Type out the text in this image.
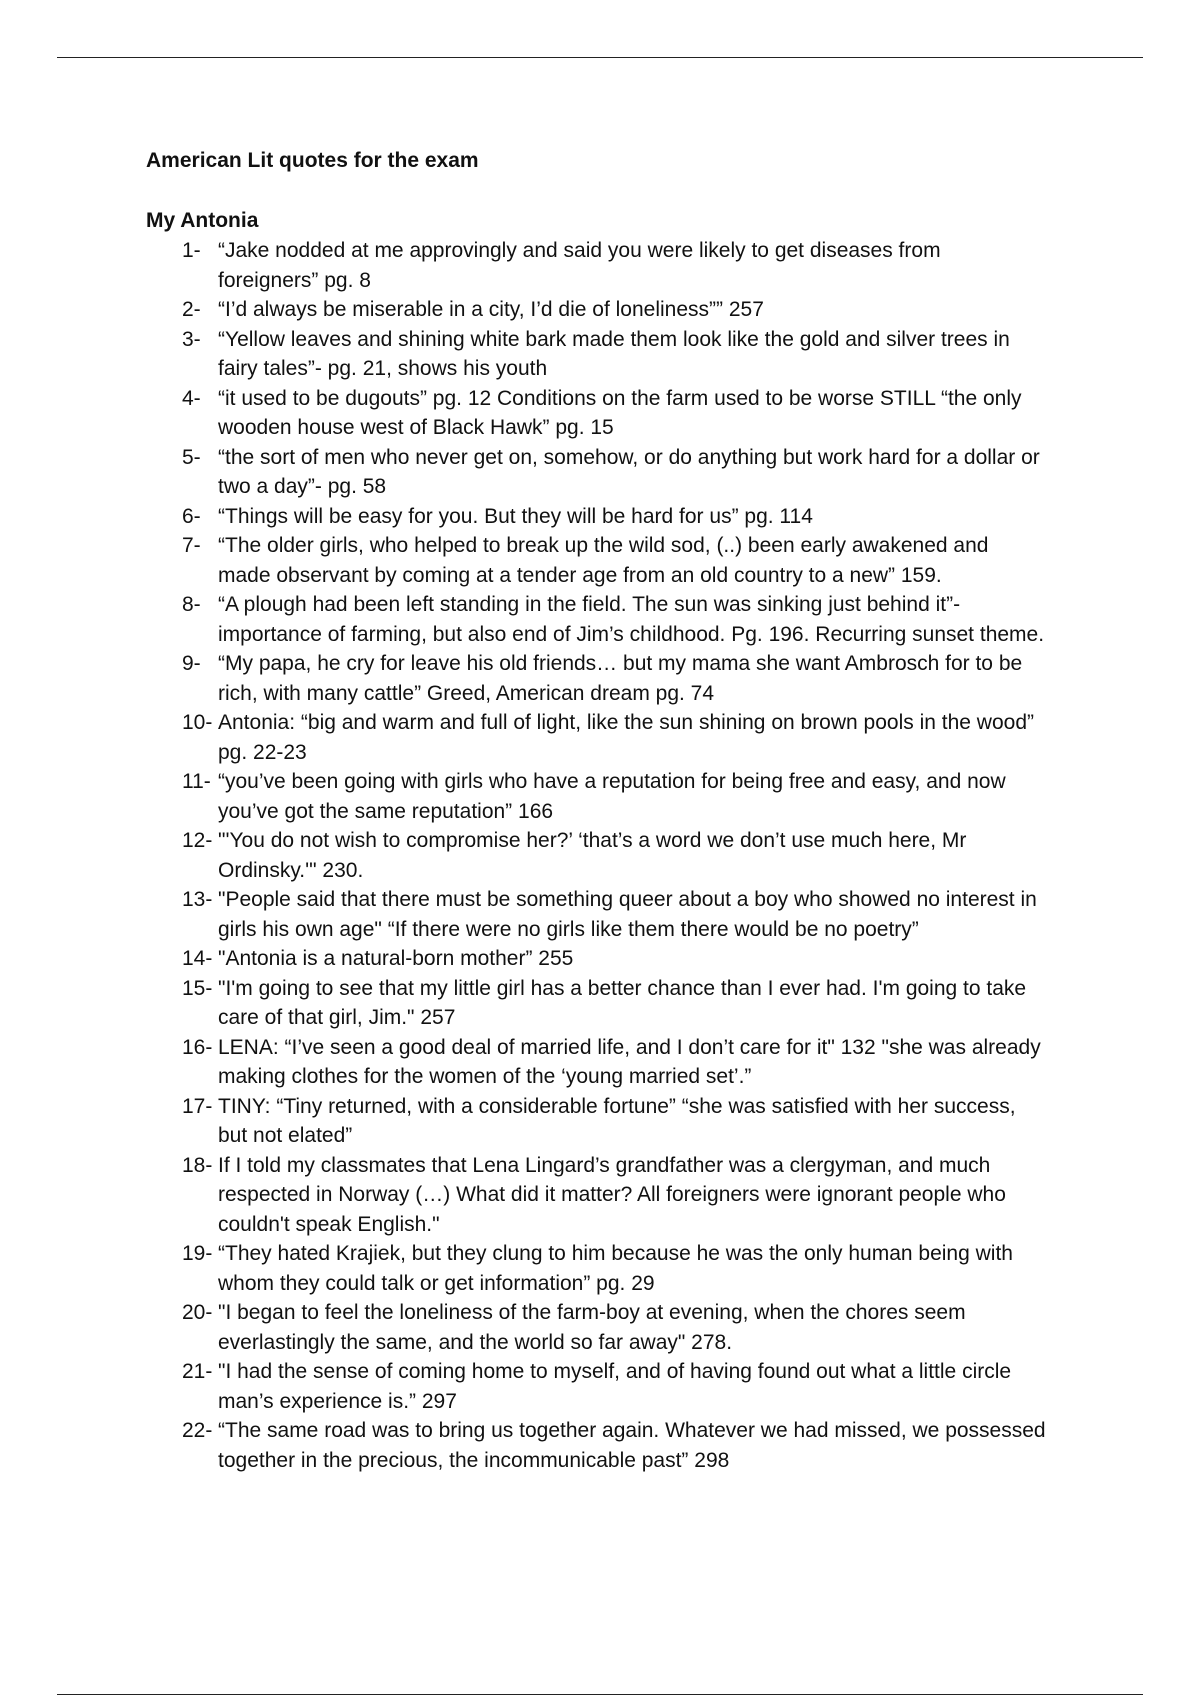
American Lit quotes for the exam

My Antonia

1- “Jake nodded at me approvingly and said you were likely to get diseases from foreigners” pg. 8
2- “I’d always be miserable in a city, I’d die of loneliness”” 257
3- “Yellow leaves and shining white bark made them look like the gold and silver trees in fairy tales”- pg. 21, shows his youth
4- “it used to be dugouts” pg. 12 Conditions on the farm used to be worse STILL “the only wooden house west of Black Hawk” pg. 15
5- “the sort of men who never get on, somehow, or do anything but work hard for a dollar or two a day”- pg. 58
6- “Things will be easy for you. But they will be hard for us” pg. 114
7- “The older girls, who helped to break up the wild sod, (..) been early awakened and made observant by coming at a tender age from an old country to a new” 159.
8- “A plough had been left standing in the field. The sun was sinking just behind it”- importance of farming, but also end of Jim’s childhood. Pg. 196. Recurring sunset theme.
9- “My papa, he cry for leave his old friends… but my mama she want Ambrosch for to be rich, with many cattle” Greed, American dream pg. 74
10- Antonia: “big and warm and full of light, like the sun shining on brown pools in the wood” pg. 22-23
11- “you’ve been going with girls who have a reputation for being free and easy, and now you’ve got the same reputation” 166
12- "'You do not wish to compromise her?’ ‘that’s a word we don’t use much here, Mr Ordinsky.'" 230.
13- "People said that there must be something queer about a boy who showed no interest in girls his own age" “If there were no girls like them there would be no poetry”
14- "Antonia is a natural-born mother” 255
15- "I'm going to see that my little girl has a better chance than I ever had. I'm going to take care of that girl, Jim." 257
16- LENA: “I’ve seen a good deal of married life, and I don’t care for it" 132 "she was already making clothes for the women of the ‘young married set’.”
17- TINY: “Tiny returned, with a considerable fortune” “she was satisfied with her success, but not elated”
18- If I told my classmates that Lena Lingard’s grandfather was a clergyman, and much respected in Norway (…) What did it matter? All foreigners were ignorant people who couldn't speak English."
19- “They hated Krajiek, but they clung to him because he was the only human being with whom they could talk or get information” pg. 29
20- "I began to feel the loneliness of the farm-boy at evening, when the chores seem everlastingly the same, and the world so far away" 278.
21- "I had the sense of coming home to myself, and of having found out what a little circle man’s experience is.” 297
22- “The same road was to bring us together again. Whatever we had missed, we possessed together in the precious, the incommunicable past” 298
